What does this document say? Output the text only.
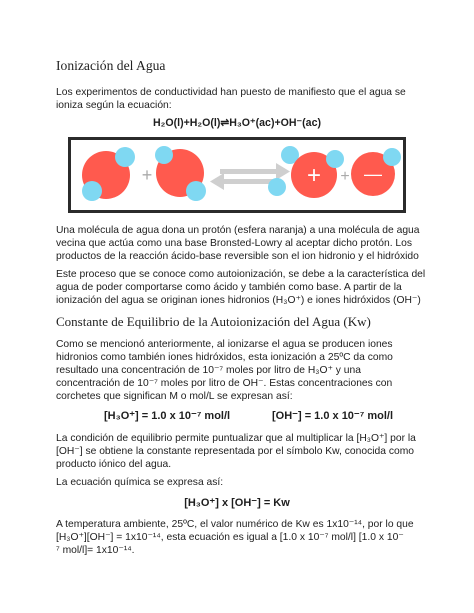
Ionización del Agua

Los experimentos de conductividad han puesto de manifiesto que el agua se

ioniza según la ecuación:

H₂O(l)+H₂O(l)⇌H₃O⁺(ac)+OH⁻(ac)

+	+ + —

Una molécula de agua dona un protón (esfera naranja) a una molécula de agua

vecina que actúa como una base Bronsted-Lowry al aceptar dicho protón. Los

productos de la reacción ácido-base reversible son el ion hidronio y el hidróxido

Este proceso que se conoce como autoionización, se debe a la característica del

agua de poder comportarse como ácido y también como base. A partir de la

ionización del agua se originan iones hidronios (H₃O⁺) e iones hidróxidos (OH⁻)

Constante de Equilibrio de la Autoionización del Agua (Kw)

Como se mencionó anteriormente, al ionizarse el agua se producen iones

hidronios como también iones hidróxidos, esta ionización a 25ºC da como

resultado una concentración de 10⁻⁷ moles por litro de H₃O⁺ y una

concentración de 10⁻⁷ moles por litro de OH⁻. Estas concentraciones con

corchetes que significan M o mol/L se expresan así:

[H₃O⁺] = 1.0 x 10⁻⁷ mol/l	[OH⁻] = 1.0 x 10⁻⁷ mol/l

La condición de equilibrio permite puntualizar que al multiplicar la [H₃O⁺] por la

[OH⁻] se obtiene la constante representada por el símbolo Kw, conocida como

producto iónico del agua.

La ecuación química se expresa así:

[H₃O⁺] x [OH⁻] = Kw

A temperatura ambiente, 25ºC, el valor numérico de Kw es 1x10⁻¹⁴, por lo que

[H₃O⁺][OH⁻] = 1x10⁻¹⁴, esta ecuación es igual a [1.0 x 10⁻⁷ mol/l] [1.0 x 10⁻

⁷ mol/l]= 1x10⁻¹⁴.
